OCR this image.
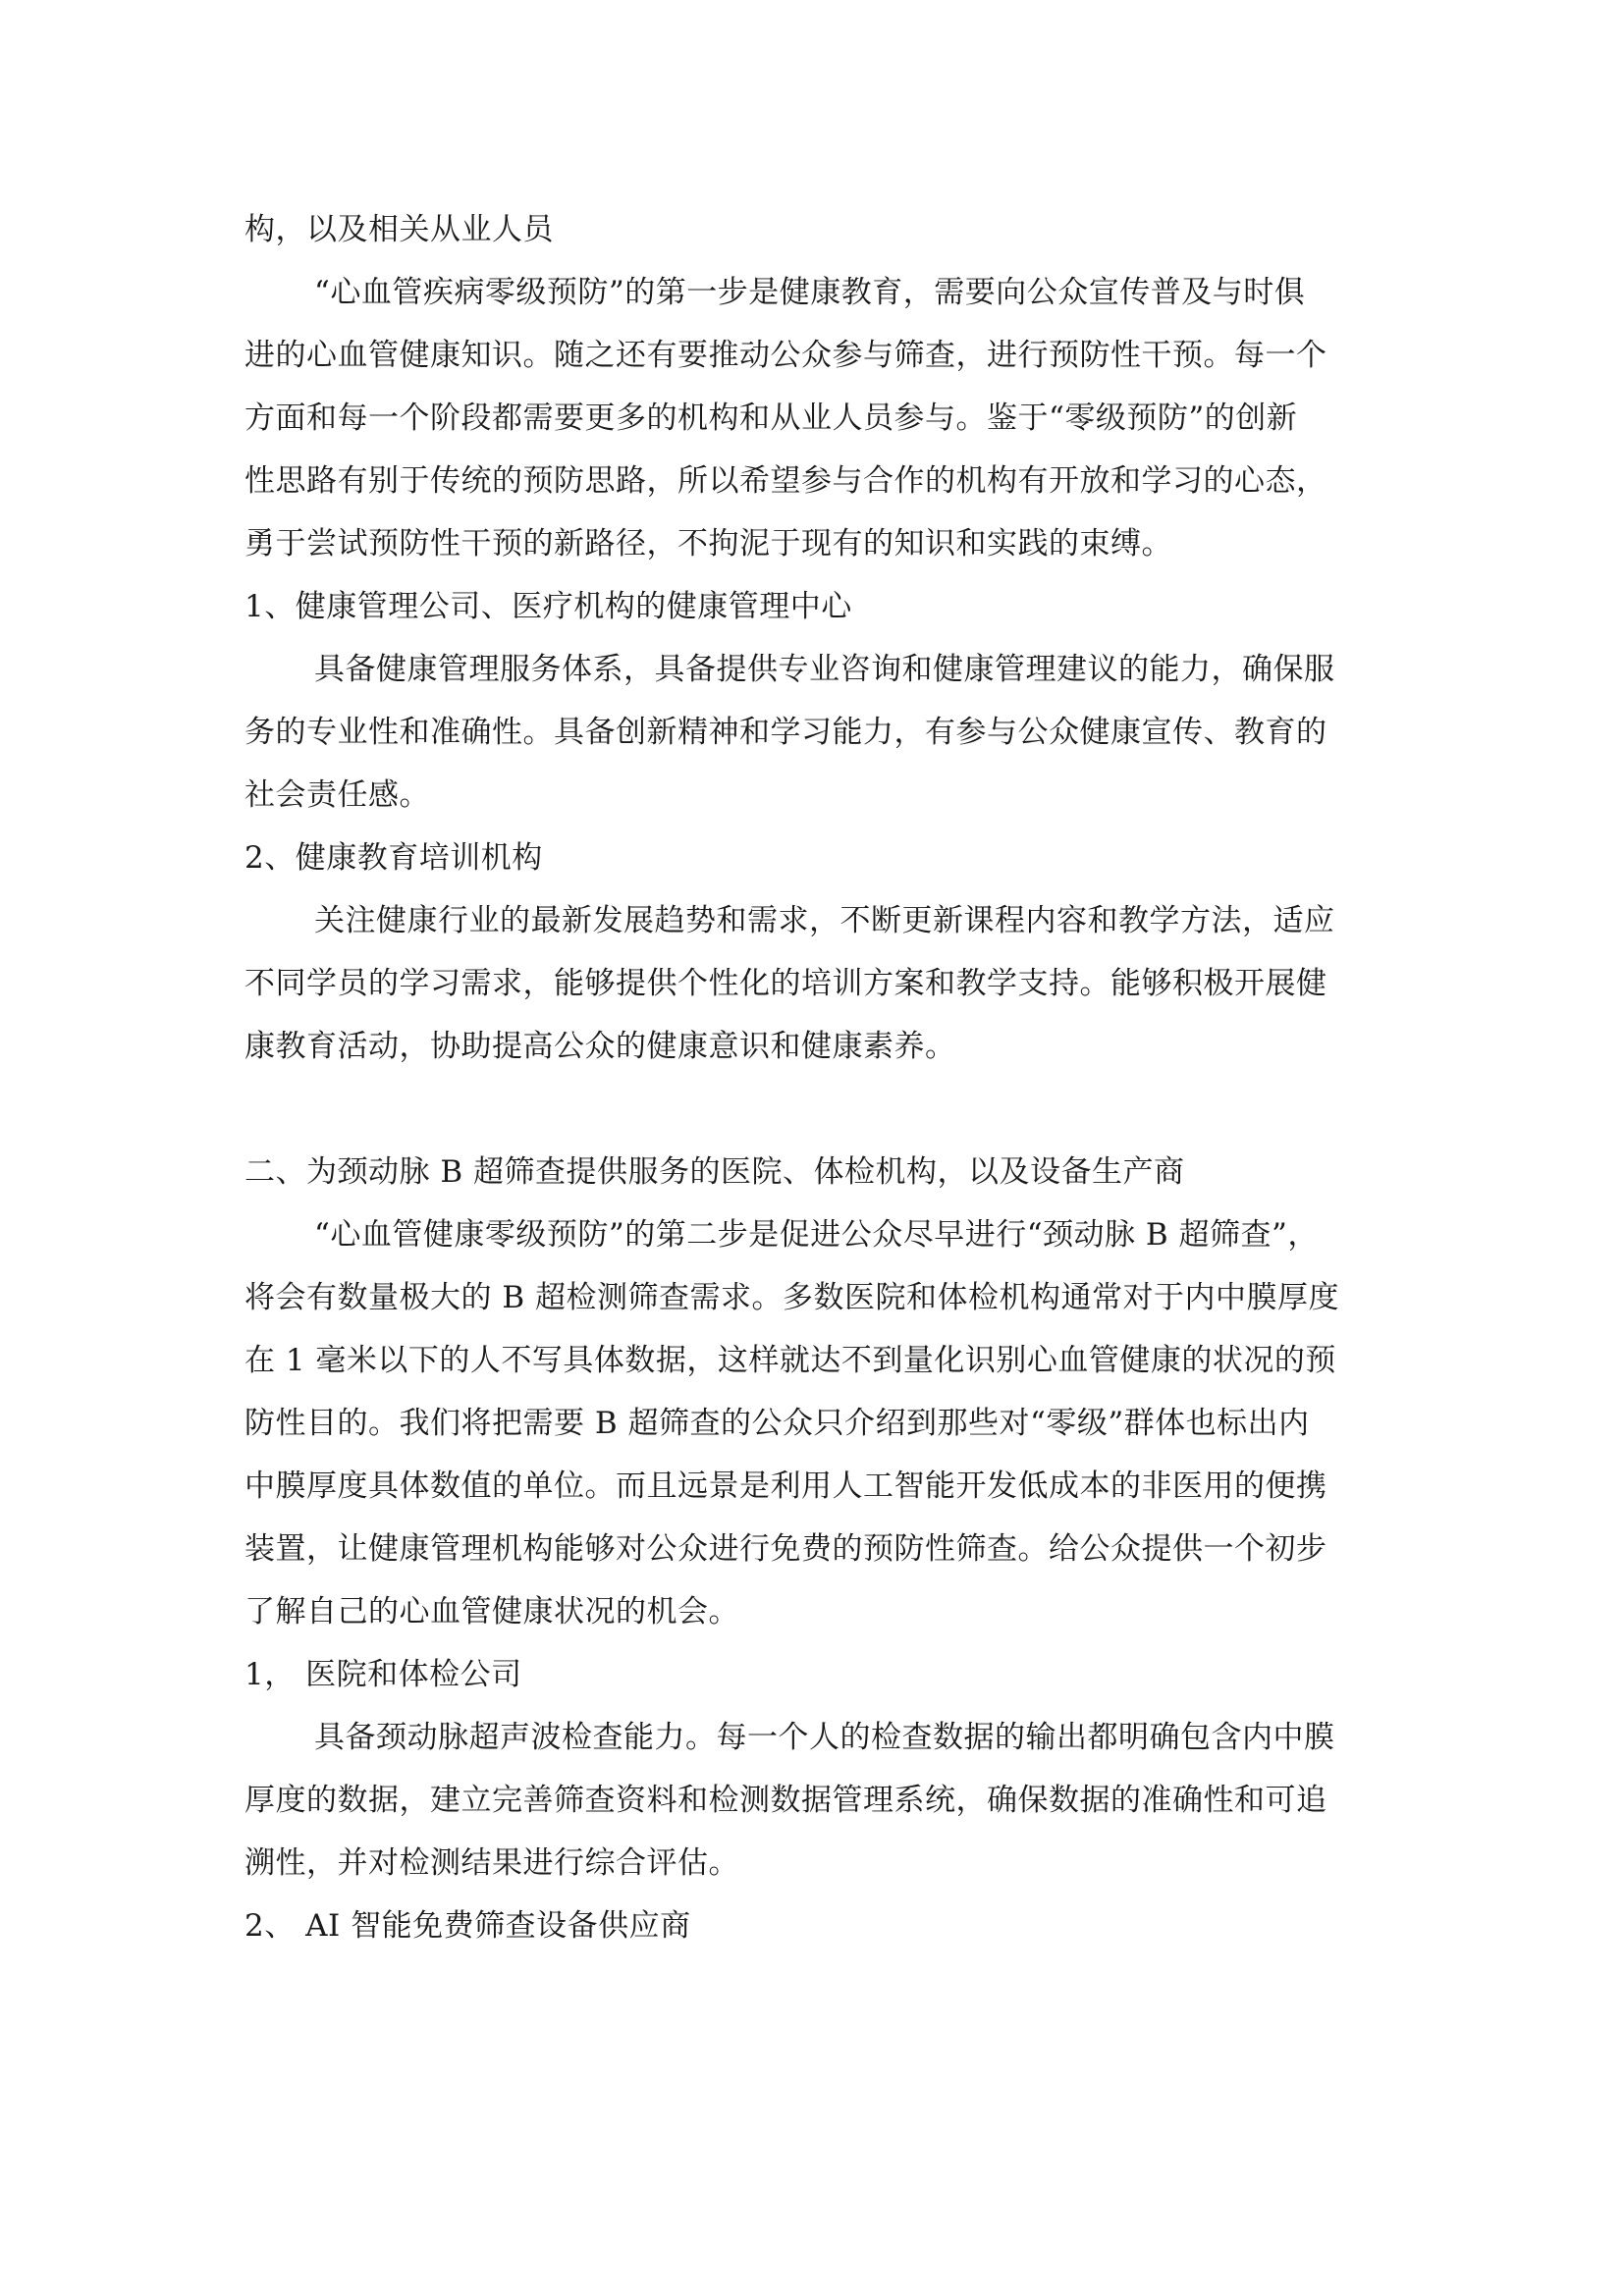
构，以及相关从业人员

“心血管疾病零级预防”的第一步是健康教育，需要向公众宣传普及与时俱

进的心血管健康知识。随之还有要推动公众参与筛查，进行预防性干预。每一个

方面和每一个阶段都需要更多的机构和从业人员参与。鉴于“零级预防”的创新

性思路有别于传统的预防思路，所以希望参与合作的机构有开放和学习的心态，

勇于尝试预防性干预的新路径，不拘泥于现有的知识和实践的束缚。

1、健康管理公司、医疗机构的健康管理中心

具备健康管理服务体系，具备提供专业咨询和健康管理建议的能力，确保服

务的专业性和准确性。具备创新精神和学习能力，有参与公众健康宣传、教育的

社会责任感。

2、健康教育培训机构

关注健康行业的最新发展趋势和需求，不断更新课程内容和教学方法，适应

不同学员的学习需求，能够提供个性化的培训方案和教学支持。能够积极开展健

康教育活动，协助提高公众的健康意识和健康素养。

二、为颈动脉 B 超筛查提供服务的医院、体检机构，以及设备生产商

“心血管健康零级预防”的第二步是促进公众尽早进行“颈动脉 B 超筛查”，

将会有数量极大的 B 超检测筛查需求。多数医院和体检机构通常对于内中膜厚度

在 1 毫米以下的人不写具体数据，这样就达不到量化识别心血管健康的状况的预

防性目的。我们将把需要 B 超筛查的公众只介绍到那些对“零级”群体也标出内

中膜厚度具体数值的单位。而且远景是利用人工智能开发低成本的非医用的便携

装置，让健康管理机构能够对公众进行免费的预防性筛查。给公众提供一个初步

了解自己的心血管健康状况的机会。

1， 医院和体检公司

具备颈动脉超声波检查能力。每一个人的检查数据的输出都明确包含内中膜

厚度的数据，建立完善筛查资料和检测数据管理系统，确保数据的准确性和可追

溯性，并对检测结果进行综合评估。

2、 AI 智能免费筛查设备供应商
